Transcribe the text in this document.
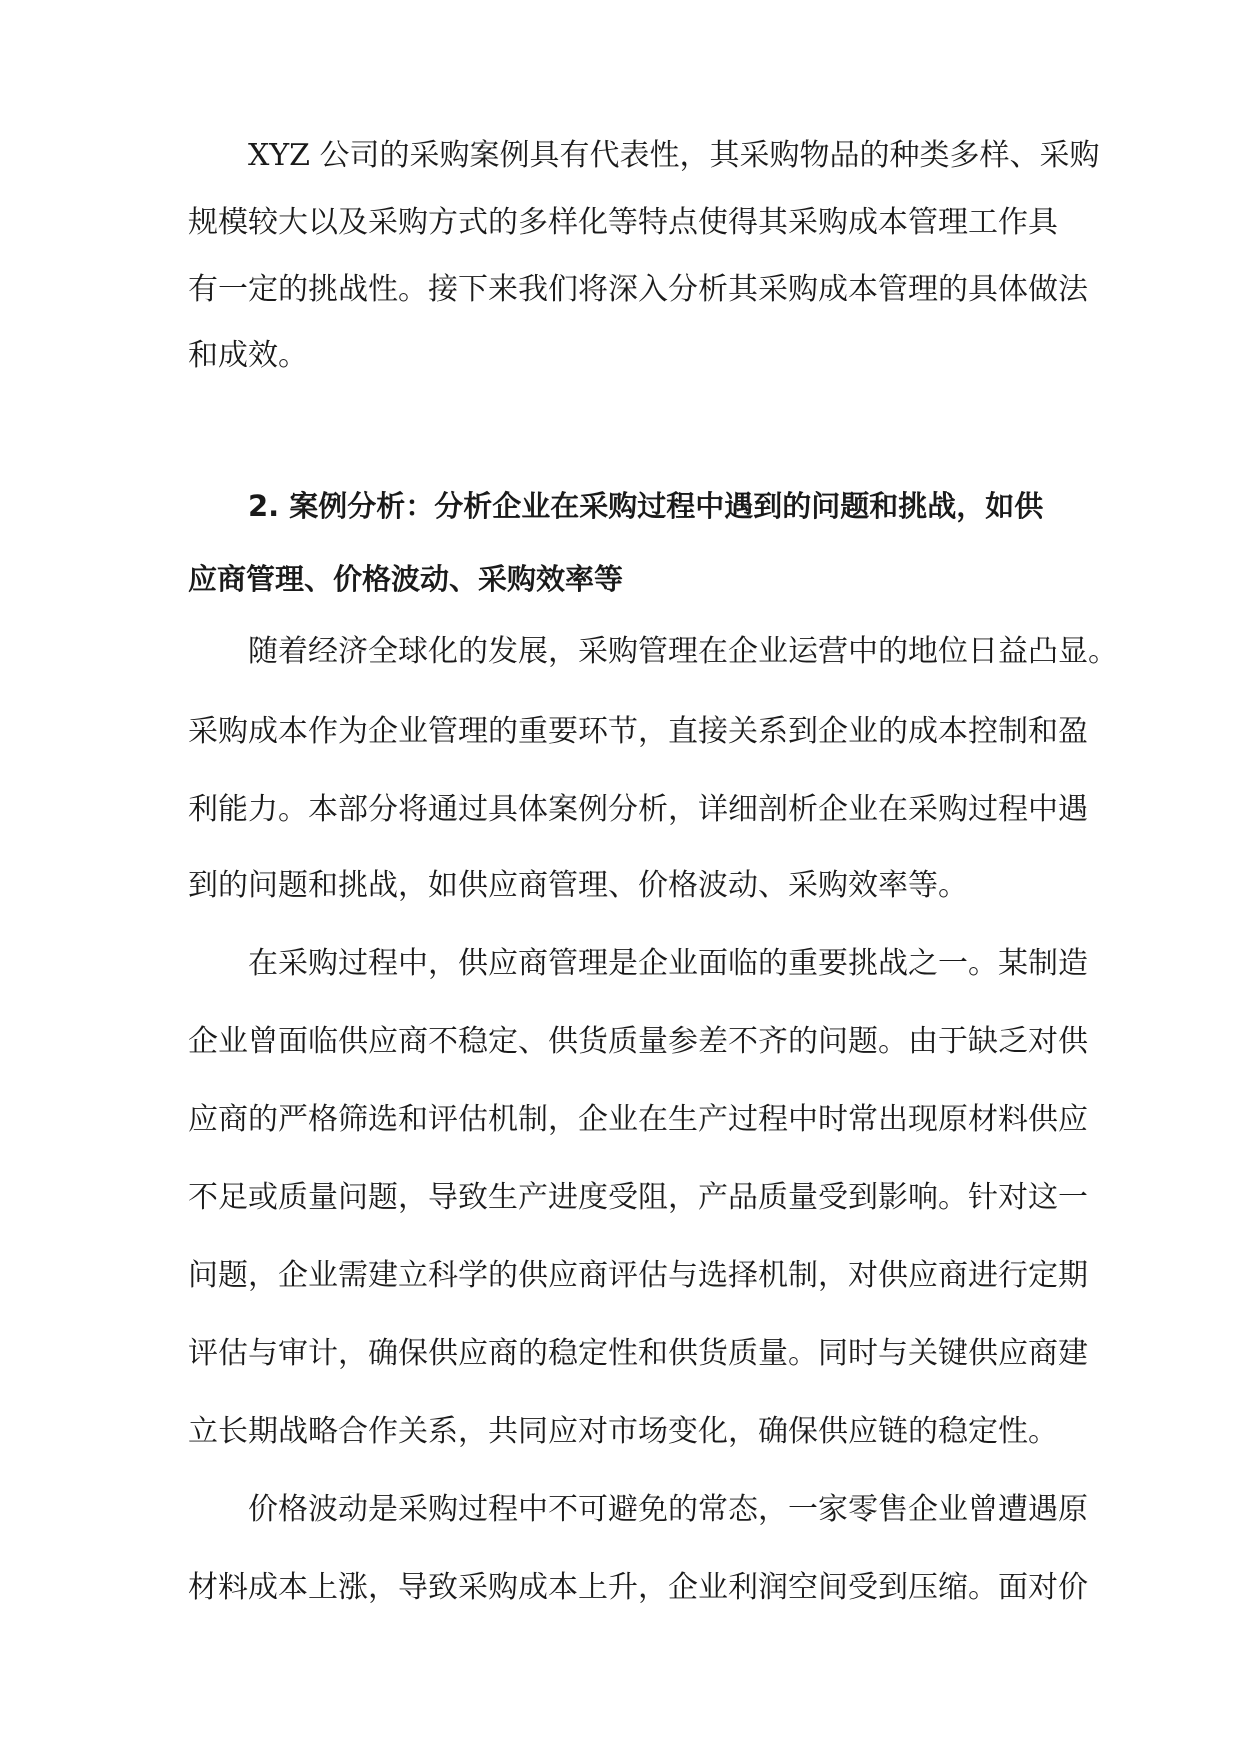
XYZ 公司的采购案例具有代表性，其采购物品的种类多样、采购
规模较大以及采购方式的多样化等特点使得其采购成本管理工作具
有一定的挑战性。接下来我们将深入分析其采购成本管理的具体做法
和成效。
2. 案例分析：分析企业在采购过程中遇到的问题和挑战，如供
应商管理、价格波动、采购效率等
随着经济全球化的发展，采购管理在企业运营中的地位日益凸显。
采购成本作为企业管理的重要环节，直接关系到企业的成本控制和盈
利能力。本部分将通过具体案例分析，详细剖析企业在采购过程中遇
到的问题和挑战，如供应商管理、价格波动、采购效率等。
在采购过程中，供应商管理是企业面临的重要挑战之一。某制造
企业曾面临供应商不稳定、供货质量参差不齐的问题。由于缺乏对供
应商的严格筛选和评估机制，企业在生产过程中时常出现原材料供应
不足或质量问题，导致生产进度受阻，产品质量受到影响。针对这一
问题，企业需建立科学的供应商评估与选择机制，对供应商进行定期
评估与审计，确保供应商的稳定性和供货质量。同时与关键供应商建
立长期战略合作关系，共同应对市场变化，确保供应链的稳定性。
价格波动是采购过程中不可避免的常态，一家零售企业曾遭遇原
材料成本上涨，导致采购成本上升，企业利润空间受到压缩。面对价
